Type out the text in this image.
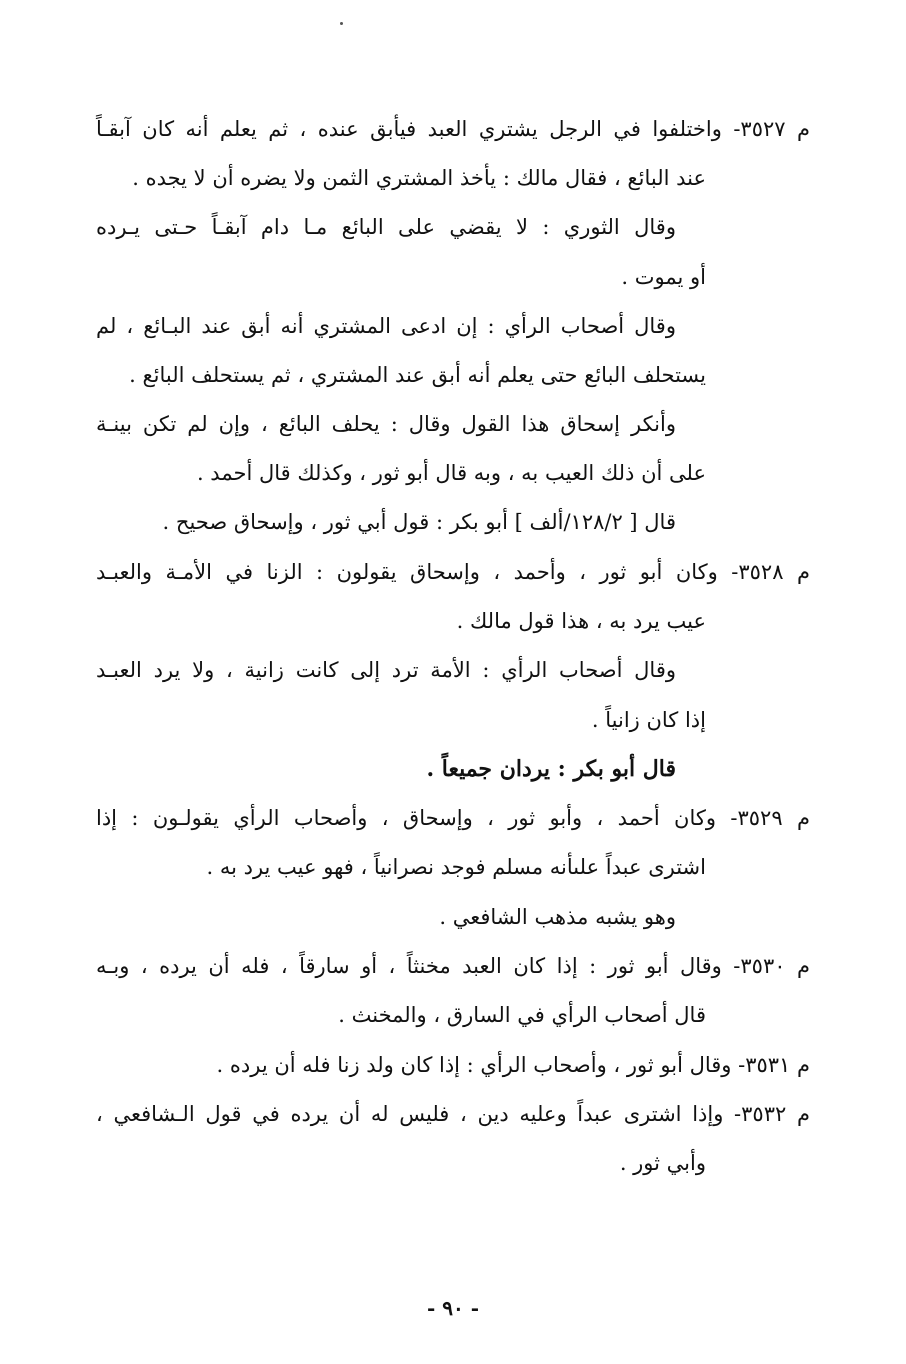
م ٣٥٢٧- واختلفوا في الرجل يشتري العبد فيأبق عنده ، ثم يعلم أنه كان آبقـاً
عند البائع ، فقال مالك : يأخذ المشتري الثمن ولا يضره أن لا يجده .
وقال الثوري : لا يقضي على البائع مـا دام آبقـاً حـتى يـرده
أو يموت .
وقال أصحاب الرأي : إن ادعى المشتري أنه أبق عند البـائع ، لم
يستحلف البائع حتى يعلم أنه أبق عند المشتري ، ثم يستحلف البائع .
وأنكر إسحاق هذا القول وقال : يحلف البائع ، وإن لم تكن بينـة
على أن ذلك العيب به ، وبه قال أبو ثور ، وكذلك قال أحمد .
قال [ ١٢٨/٢/ألف ] أبو بكر : قول أبي ثور ، وإسحاق صحيح .
م ٣٥٢٨- وكان أبو ثور ، وأحمد ، وإسحاق يقولون : الزنا في الأمـة والعبـد
عيب يرد به ، هذا قول مالك .
وقال أصحاب الرأي : الأمة ترد إلى كانت زانية ، ولا يرد العبـد
إذا كان زانياً .
قال أبو بكر : يردان جميعاً .
م ٣٥٢٩- وكان أحمد ، وأبو ثور ، وإسحاق ، وأصحاب الرأي يقولـون : إذا
اشترى عبداً علىأنه مسلم فوجد نصرانياً ، فهو عيب يرد به .
وهو يشبه مذهب الشافعي .
م ٣٥٣٠- وقال أبو ثور : إذا كان العبد مخنثاً ، أو سارقاً ، فله أن يرده ، وبـه
قال أصحاب الرأي في السارق ، والمخنث .
م ٣٥٣١- وقال أبو ثور ، وأصحاب الرأي : إذا كان ولد زنا فله أن يرده .
م ٣٥٣٢- وإذا اشترى عبداً وعليه دين ، فليس له أن يرده في قول الـشافعي ،
وأبي ثور .
- ٩٠ -
